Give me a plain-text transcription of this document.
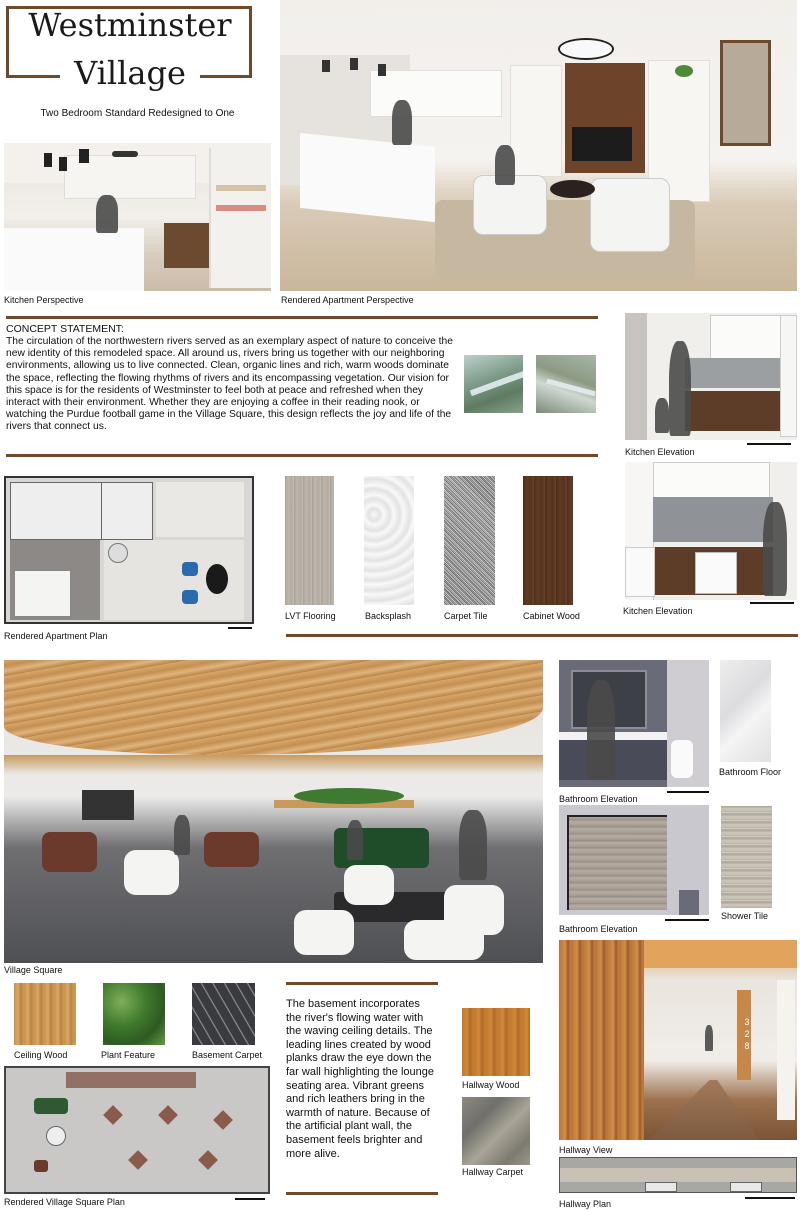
Westminster
Village
Two Bedroom Standard Redesigned to One
Kitchen Perspective	Rendered Apartment Perspective
CONCEPT STATEMENT:
The circulation of the northwestern rivers served as an exemplary aspect of nature to conceive the new identity of this remodeled space. All around us, rivers bring us together with our neighboring environments, allowing us to live connected. Clean, organic lines and rich, warm woods dominate the space, reflecting the flowing rhythms of rivers and its encompassing vegetation. Our vision for this space is for the residents of Westminster to feel both at peace and refreshed when they interact with their environment. Whether they are enjoying a coffee in their reading nook, or watching the Purdue football game in the Village Square, this design reflects the joy and life of the rivers that connect us.
Kitchen Elevation
Kitchen Elevation
Rendered Apartment Plan
LVT Flooring	Backsplash	Carpet Tile	Cabinet Wood
Village Square
Bathroom Elevation
Bathroom Floor
Bathroom Elevation
Shower Tile
3 2 8
Hallway View
Hallway Plan
Ceiling Wood	Plant Feature	Basement Carpet
Rendered Village Square Plan
The basement incorporates the river's flowing water with the waving ceiling details. The leading lines created by wood planks draw the eye down the far wall highlighting the lounge seating area. Vibrant greens and rich leathers bring in the warmth of nature. Because of the artificial plant wall, the basement feels brighter and more alive.
Hallway Wood
Hallway Carpet
